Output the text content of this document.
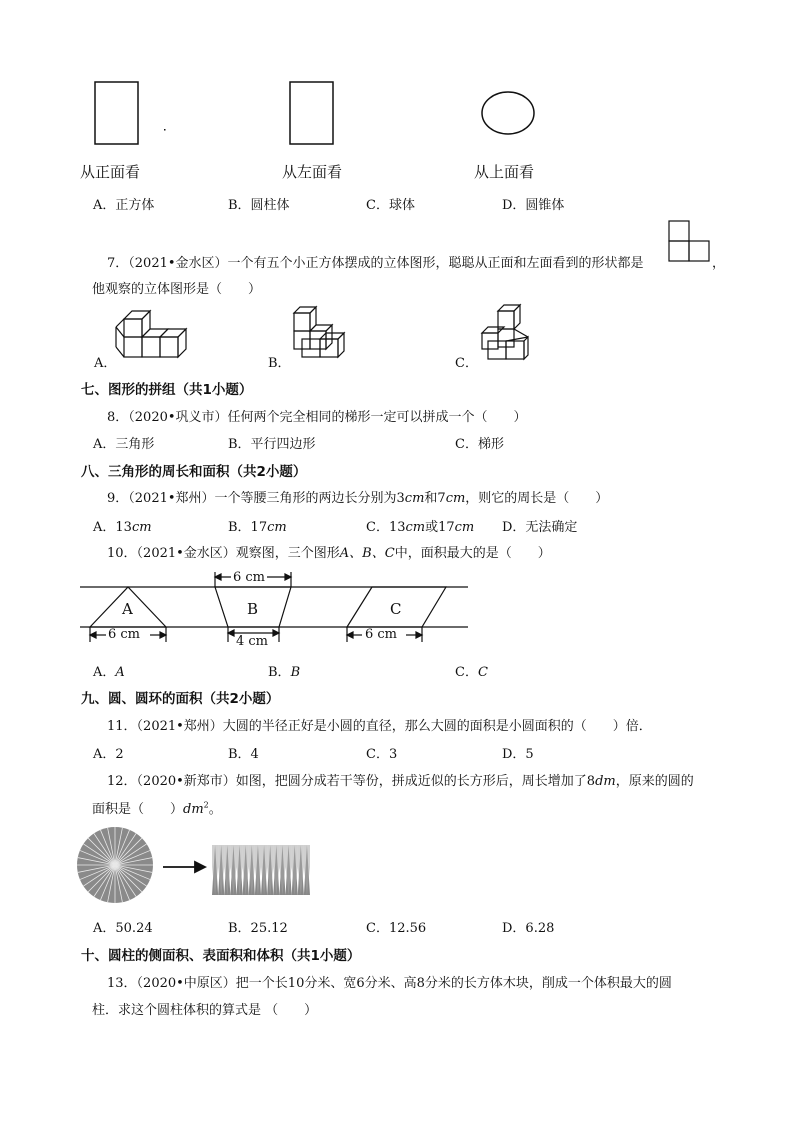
从正面看	从左面看	从上面看
A．正方体	B．圆柱体	C．球体	D．圆锥体
7．（2021•金水区）一个有五个小正方体摆成的立体图形，聪聪从正面和左面看到的形状都是	，
他观察的立体图形是（　　）
A．	B．	C．
七、图形的拼组（共1小题）
8．（2020•巩义市）任何两个完全相同的梯形一定可以拼成一个（　　）
A．三角形	B．平行四边形	C．梯形
八、三角形的周长和面积（共2小题）
9．（2021•郑州）一个等腰三角形的两边长分别为3cm和7cm，则它的周长是（　　）
A．13cm	B．17cm	C．13cm或17cm D．无法确定
10．（2021•金水区）观察图，三个图形A、B、C中，面积最大的是（　　）
A	B	C
6 cm
6 cm	4 cm	6 cm
A．A	B．B	C．C
九、圆、圆环的面积（共2小题）
11．（2021•郑州）大圆的半径正好是小圆的直径，那么大圆的面积是小圆面积的（　　）倍．
A．2	B．4	C．3	D．5
12．（2020•新郑市）如图，把圆分成若干等份，拼成近似的长方形后，周长增加了8dm，原来的圆的
面积是（　　）$dm^2$。
A．50.24	B．25.12	C．12.56	D．6.28
十、圆柱的侧面积、表面积和体积（共1小题）
13．（2020•中原区）把一个长10分米、宽6分米、高8分米的长方体木块，削成一个体积最大的圆
柱．求这个圆柱体积的算式是 （　　）
